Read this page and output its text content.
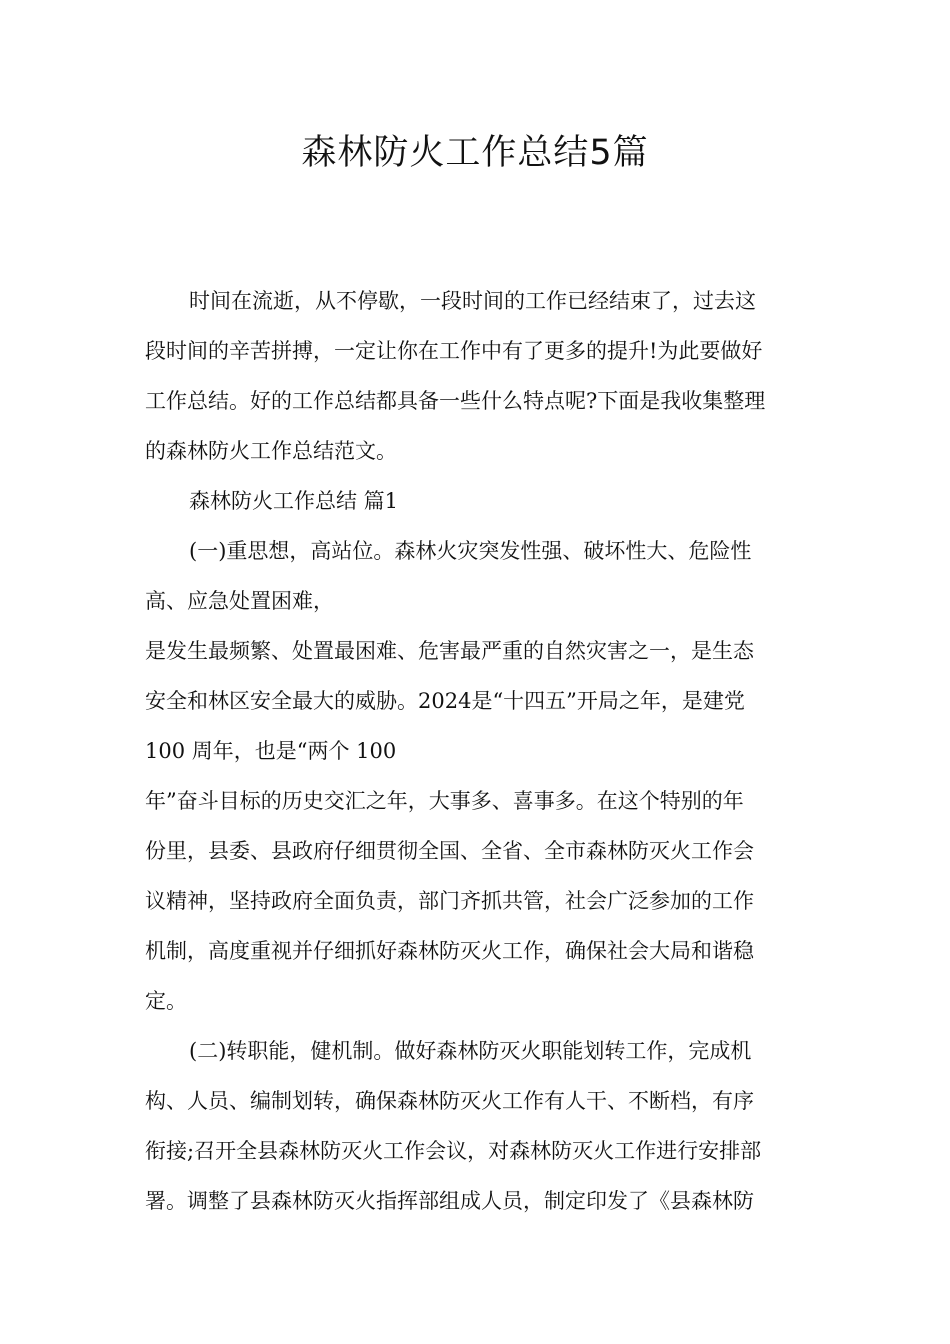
森林防火工作总结5篇
时间在流逝，从不停歇，一段时间的工作已经结束了，过去这
段时间的辛苦拼搏，一定让你在工作中有了更多的提升!为此要做好
工作总结。好的工作总结都具备一些什么特点呢?下面是我收集整理
的森林防火工作总结范文。
森林防火工作总结 篇1
(一)重思想，高站位。森林火灾突发性强、破坏性大、危险性
高、应急处置困难，
是发生最频繁、处置最困难、危害最严重的自然灾害之一，是生态
安全和林区安全最大的威胁。2024是“十四五”开局之年，是建党
100 周年，也是“两个 100
年”奋斗目标的历史交汇之年，大事多、喜事多。在这个特别的年
份里，县委、县政府仔细贯彻全国、全省、全市森林防灭火工作会
议精神，坚持政府全面负责，部门齐抓共管，社会广泛参加的工作
机制，高度重视并仔细抓好森林防灭火工作，确保社会大局和谐稳
定。
(二)转职能，健机制。做好森林防灭火职能划转工作，完成机
构、人员、编制划转，确保森林防灭火工作有人干、不断档，有序
衔接;召开全县森林防灭火工作会议，对森林防灭火工作进行安排部
署。调整了县森林防灭火指挥部组成人员，制定印发了《县森林防
